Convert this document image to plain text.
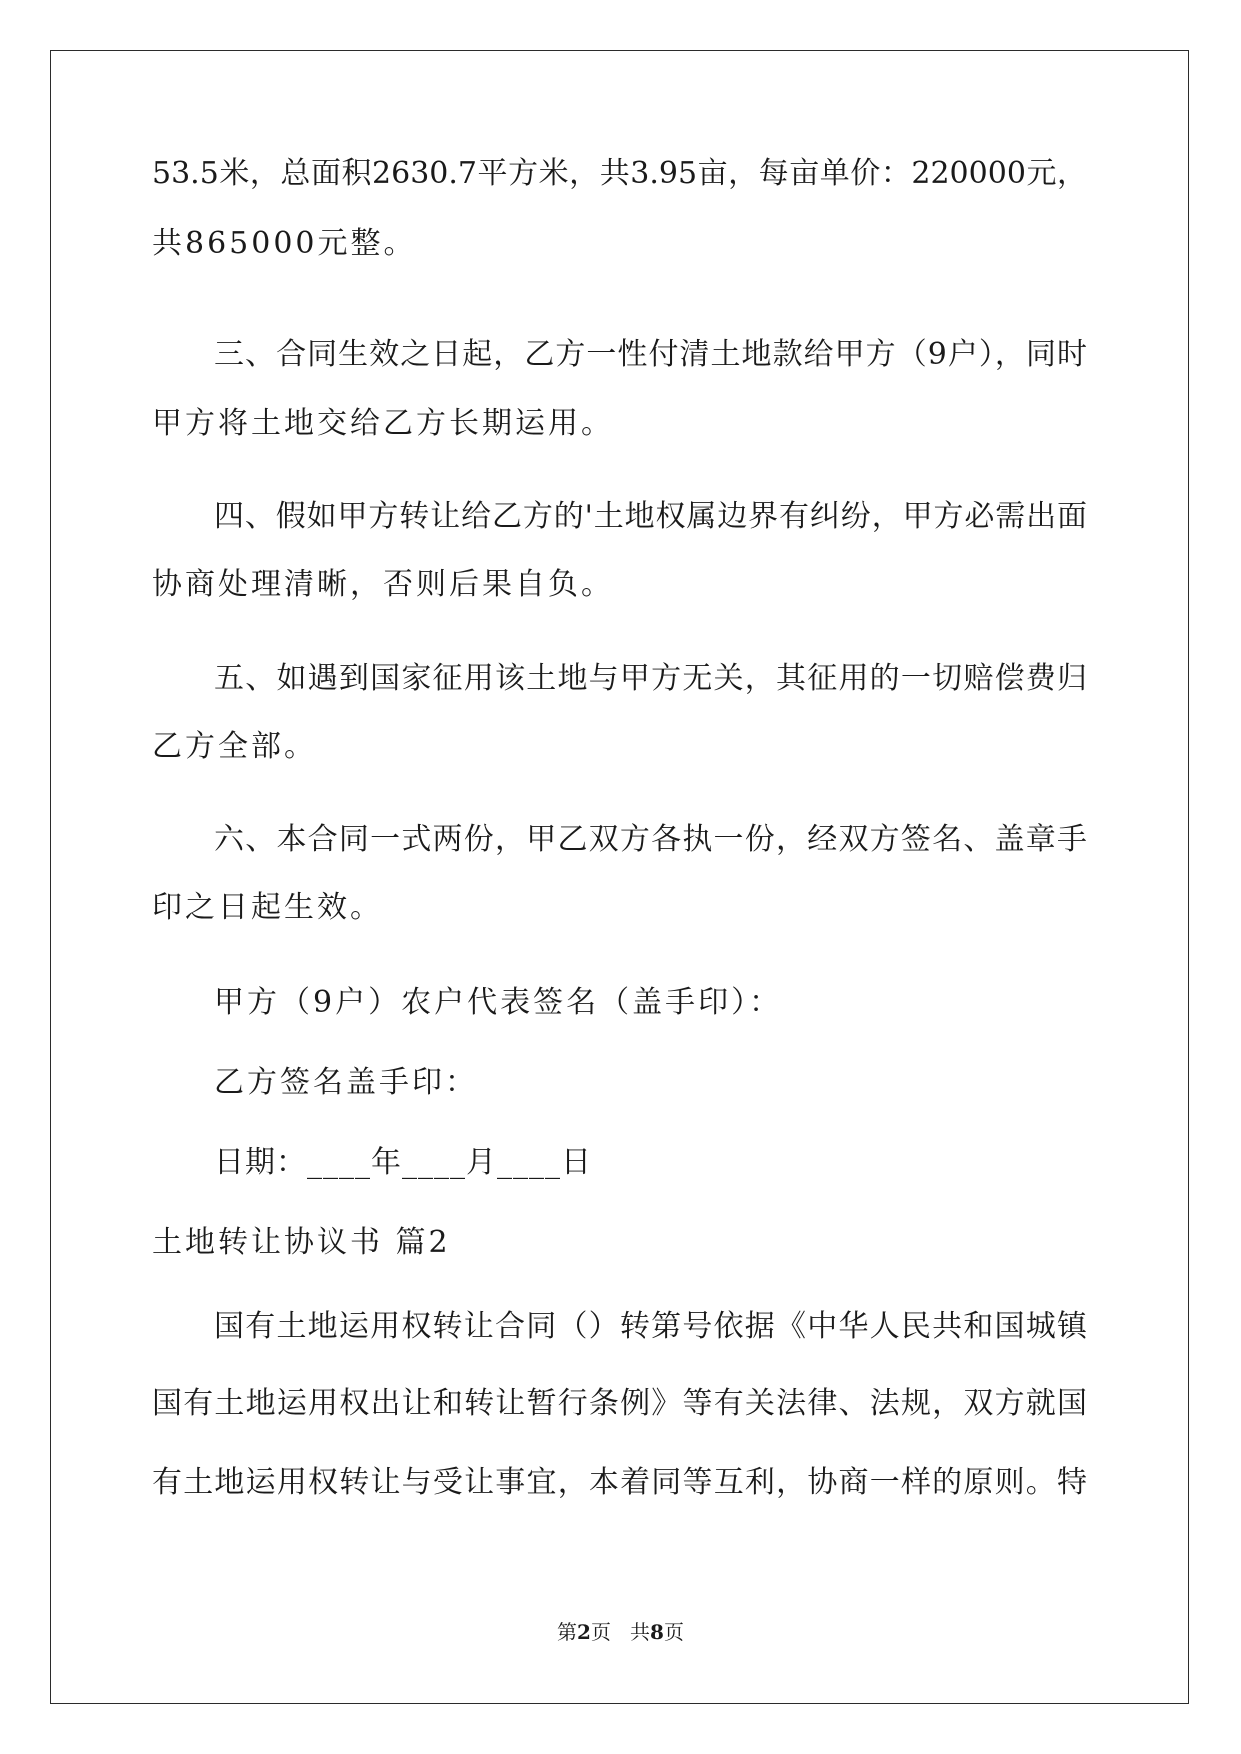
53.5米，总面积2630.7平方米，共3.95亩，每亩单价：220000元，
共865000元整。
三、合同生效之日起，乙方一性付清土地款给甲方（9户），同时
甲方将土地交给乙方长期运用。
四、假如甲方转让给乙方的'土地权属边界有纠纷，甲方必需出面
协商处理清晰，否则后果自负。
五、如遇到国家征用该土地与甲方无关，其征用的一切赔偿费归
乙方全部。
六、本合同一式两份，甲乙双方各执一份，经双方签名、盖章手
印之日起生效。
甲方（9户）农户代表签名（盖手印）：
乙方签名盖手印：
日期：____年____月____日
土地转让协议书 篇2
国有土地运用权转让合同（）转第号依据《中华人民共和国城镇
国有土地运用权出让和转让暂行条例》等有关法律、法规，双方就国
有土地运用权转让与受让事宜，本着同等互利，协商一样的原则。特
第2页   共8页
